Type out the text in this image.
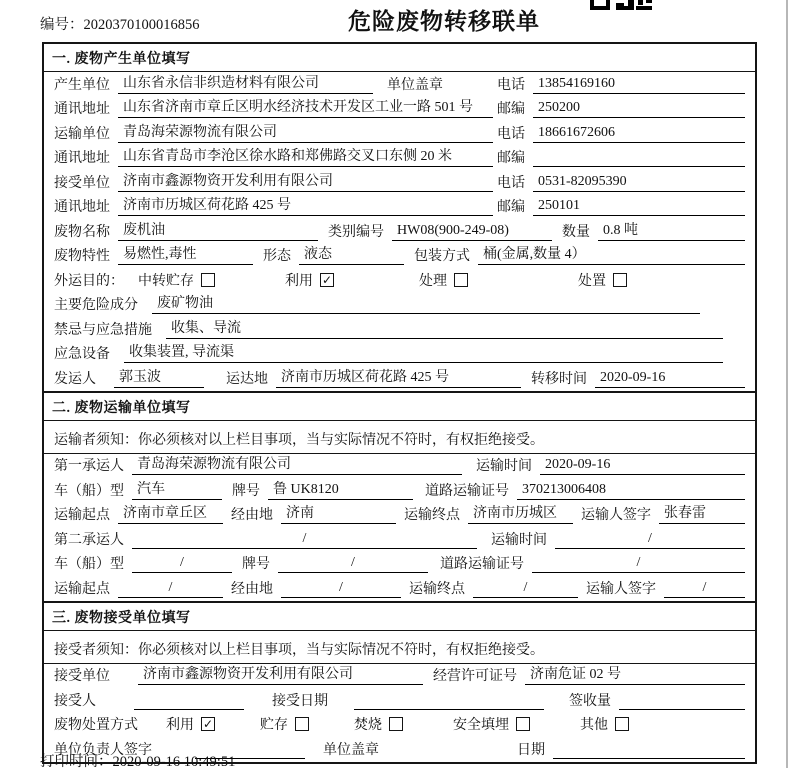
编号：2020370100016856	危险废物转移联单
一. 废物产生单位填写
产生单位 山东省永信非织造材料有限公司	单位盖章	电话 13854169160
通讯地址 山东省济南市章丘区明水经济技术开发区工业一路 501 号	邮编 250200
运输单位 青岛海荣源物流有限公司	电话 18661672606
通讯地址 山东省青岛市李沧区徐水路和郑佛路交叉口东侧 20 米	邮编
接受单位 济南市鑫源物资开发利用有限公司	电话 0531-82095390
通讯地址 济南市历城区荷花路 425 号	邮编 250101
废物名称 废机油	类别编号 HW08(900-249-08)	数量 0.8 吨
废物特性 易燃性,毒性	形态 液态	包装方式 桶(金属,数量 4）
外运目的： 中转贮存	利用 ✓	处理	处置
主要危险成分	废矿物油
禁忌与应急措施	收集、导流
应急设备	收集装置, 导流渠
发运人	郭玉波	运达地 济南市历城区荷花路 425 号	转移时间 2020-09-16
二. 废物运输单位填写
运输者须知：你必须核对以上栏目事项，当与实际情况不符时，有权拒绝接受。
第一承运人 青岛海荣源物流有限公司	运输时间 2020-09-16
车（船）型 汽车	牌号 鲁 UK8120	道路运输证号 370213006408
运输起点 济南市章丘区	经由地 济南	运输终点 济南市历城区	运输人签字 张春雷
第二承运人	/	运输时间	/
车（船）型	/	牌号	/	道路运输证号	/
运输起点	/	经由地	/	运输终点	/	运输人签字	/
三. 废物接受单位填写
接受者须知：你必须核对以上栏目事项，当与实际情况不符时，有权拒绝接受。
接受单位	济南市鑫源物资开发利用有限公司	经营许可证号 济南危证 02 号
接受人	接受日期	签收量
废物处置方式 利用 ✓	贮存	焚烧	安全填埋	其他
单位负责人签字	单位盖章	日期
打印时间：2020-09-16 10:49:51
